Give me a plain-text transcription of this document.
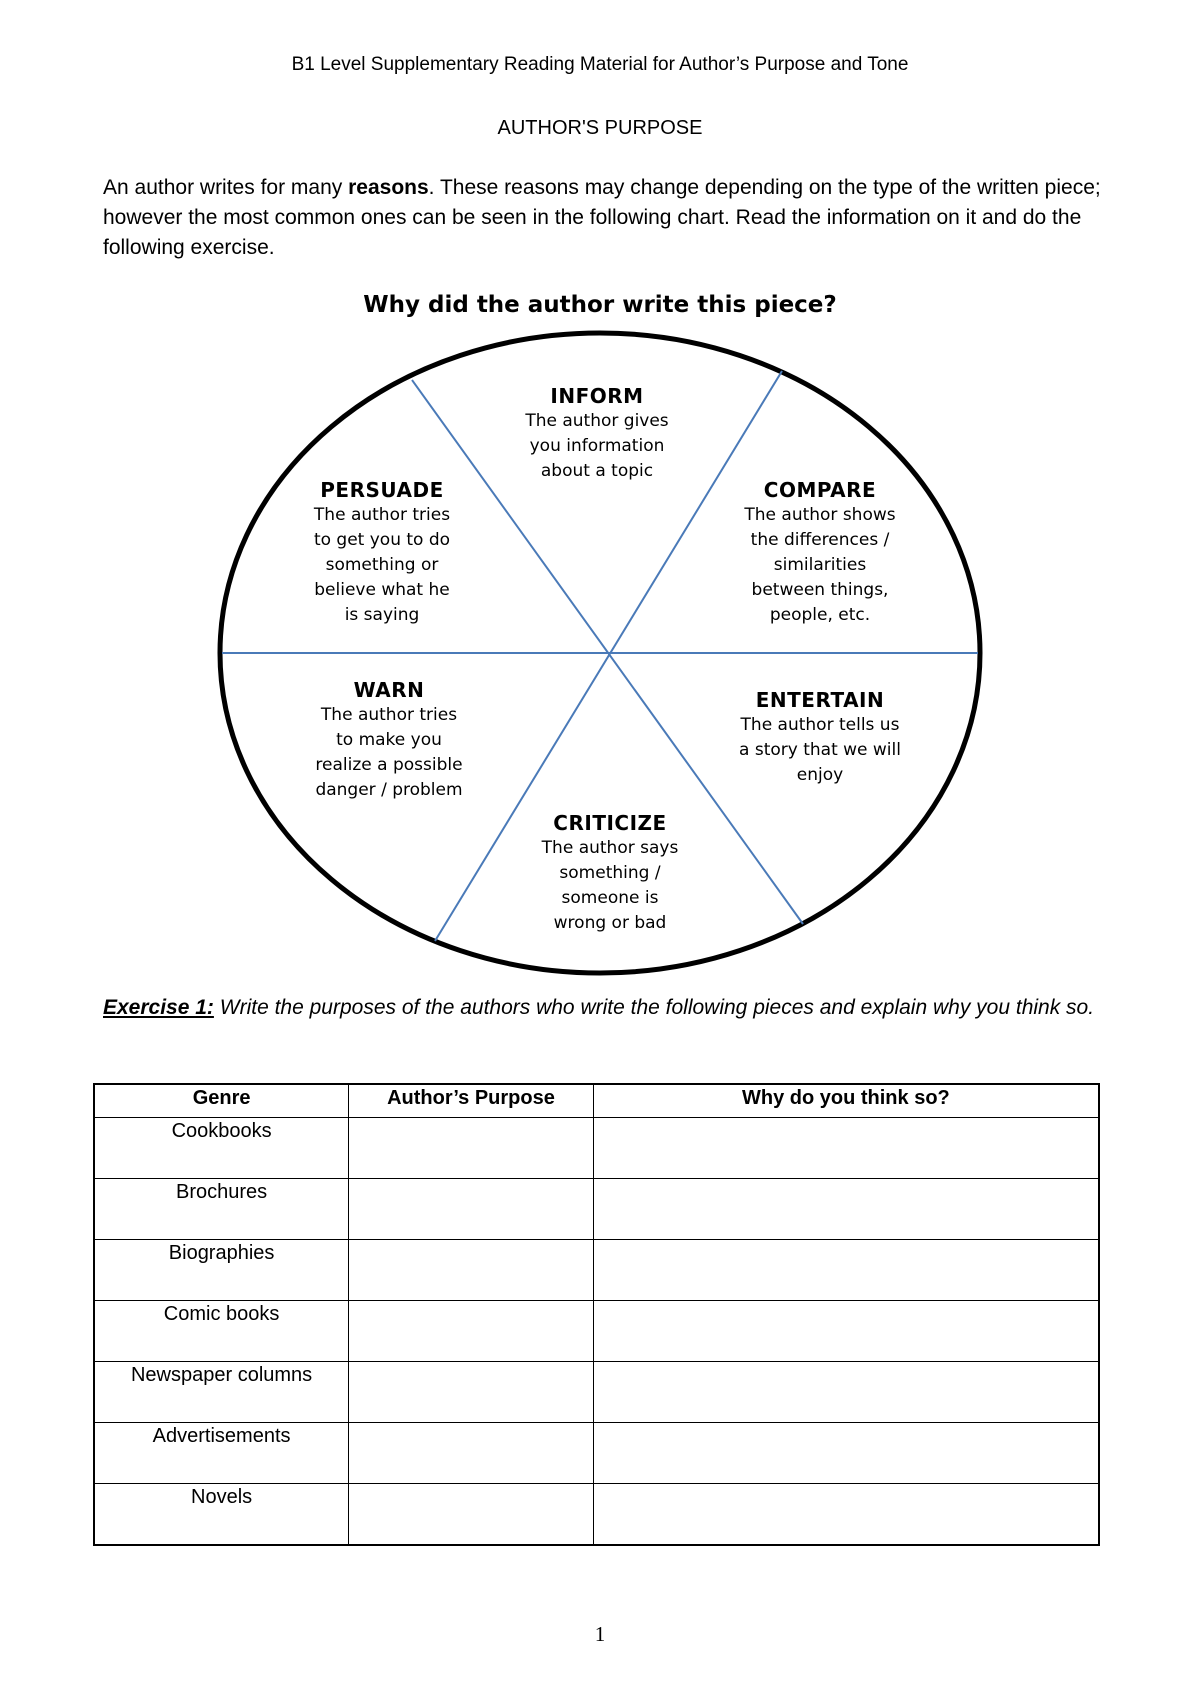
B1 Level Supplementary Reading Material for Author’s Purpose and Tone
AUTHOR'S PURPOSE

An author writes for many reasons. These reasons may change depending on the type of the written piece; however the most common ones can be seen in the following chart. Read the information on it and do the following exercise.

Why did the author write this piece?
INFORM
The author gives you information about a topic
COMPARE
The author shows the differences / similarities between things, people, etc.
ENTERTAIN
The author tells us a story that we will enjoy
CRITICIZE
The author says something / someone is wrong or bad
WARN
The author tries to make you realize a possible danger / problem
PERSUADE
The author tries to get you to do something or believe what he is saying

Exercise 1: Write the purposes of the authors who write the following pieces and explain why you think so.

Genre	Author’s Purpose	Why do you think so?
Cookbooks		
Brochures		
Biographies		
Comic books		
Newspaper columns		
Advertisements		
Novels		
1
